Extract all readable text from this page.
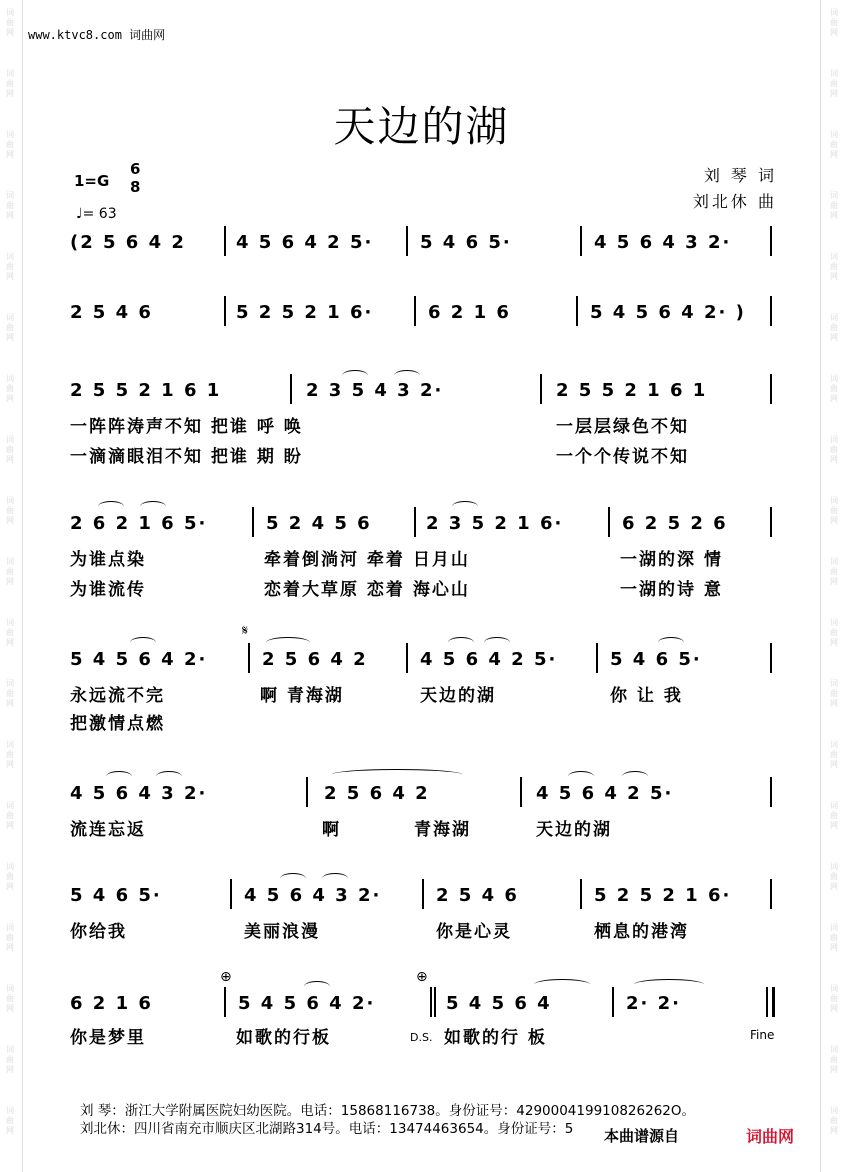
词
曲
网
词
曲
网
词
曲
网
词
曲
网
词
曲
网
词
曲
网
词
曲
网
词
曲
网
词
曲
网
词
曲
网
词
曲
网
词
曲
网
词
曲
网
词
曲
网
词
曲
网
词
曲
网
词
曲
网
词
曲
网
词
曲
网
词
曲
网
词
曲
网
词
曲
网
词
曲
网
词
曲
网
词
曲
网
词
曲
网
词
曲
网
词
曲
网
词
曲
网
词
曲
网
词
曲
网
词
曲
网
词
曲
网
词
曲
网
词
曲
网
词
曲
网
词
曲
网
词
曲
网
www.ktvc8.com 词曲网
天边的湖
1=G
6
8
♩= 63
刘 琴 词
刘北休 曲
(2 5 6 4 2	4 5 6 4 2 5·	5 4 6 5·	4 5 6 4 3 2·
2 5 4 6	5 2 5 2 1 6·	6 2 1 6	5 4 5 6 4 2· )
2 5 5 2 1 6 1	2 3 5 4 3 2·	2 5 5 2 1 6 1
一阵阵涛声不知 把谁 呼 唤
一滴滴眼泪不知 把谁 期 盼
一层层绿色不知
一个个传说不知
2 6 2 1 6 5·	5 2 4 5 6	2 3 5 2 1 6·	6 2 5 2 6
为谁点染	牵着倒淌河 牵着 日月山	一湖的深 情
为谁流传	恋着大草原 恋着 海心山	一湖的诗 意
𝄋
5 4 5 6 4 2·	2 5 6 4 2	4 5 6 4 2 5·	5 4 6 5·
永远流不完	啊 青海湖	天边的湖	你 让 我
把激情点燃
4 5 6 4 3 2·	2 5 6 4 2	4 5 6 4 2 5·
流连忘返	啊	青海湖	天边的湖
5 4 6 5·	4 5 6 4 3 2·	2 5 4 6	5 2 5 2 1 6·
你给我	美丽浪漫	你是心灵	栖息的港湾
⊕	⊕
6 2 1 6	5 4 5 6 4 2·	5 4 5 6 4	2· 2·
你是梦里	如歌的行板	如歌的行 板
D.S.	Fine
刘 琴：浙江大学附属医院妇幼医院。电话：15868116738。身份证号：429000419910826262O。
刘北休：四川省南充市顺庆区北湖路314号。电话：13474463654。身份证号：5 本曲谱源自	词曲网
